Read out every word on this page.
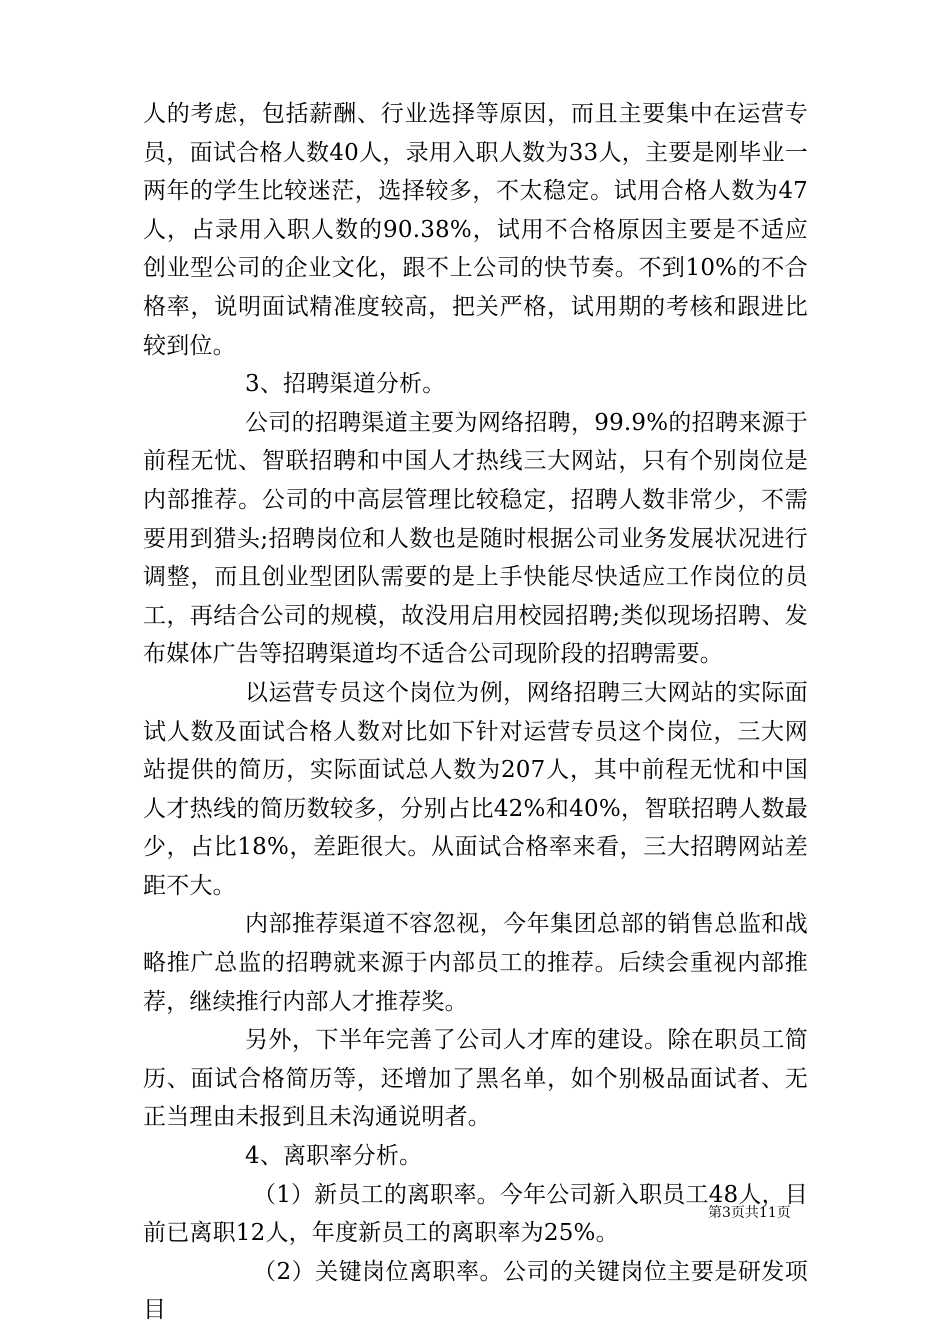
人的考虑，包括薪酬、行业选择等原因，而且主要集中在运营专员，面试合格人数40人，录用入职人数为33人，主要是刚毕业一两年的学生比较迷茫，选择较多，不太稳定。试用合格人数为47人，占录用入职人数的90.38%，试用不合格原因主要是不适应创业型公司的企业文化，跟不上公司的快节奏。不到10%的不合格率，说明面试精准度较高，把关严格，试用期的考核和跟进比较到位。

3、招聘渠道分析。

公司的招聘渠道主要为网络招聘，99.9%的招聘来源于前程无忧、智联招聘和中国人才热线三大网站，只有个别岗位是内部推荐。公司的中高层管理比较稳定，招聘人数非常少，不需要用到猎头;招聘岗位和人数也是随时根据公司业务发展状况进行调整，而且创业型团队需要的是上手快能尽快适应工作岗位的员工，再结合公司的规模，故没用启用校园招聘;类似现场招聘、发布媒体广告等招聘渠道均不适合公司现阶段的招聘需要。

以运营专员这个岗位为例，网络招聘三大网站的实际面试人数及面试合格人数对比如下针对运营专员这个岗位，三大网站提供的简历，实际面试总人数为207人，其中前程无忧和中国人才热线的简历数较多，分别占比42%和40%，智联招聘人数最少，占比18%，差距很大。从面试合格率来看，三大招聘网站差距不大。

内部推荐渠道不容忽视，今年集团总部的销售总监和战略推广总监的招聘就来源于内部员工的推荐。后续会重视内部推荐，继续推行内部人才推荐奖。

另外，下半年完善了公司人才库的建设。除在职员工简历、面试合格简历等，还增加了黑名单，如个别极品面试者、无正当理由未报到且未沟通说明者。

4、离职率分析。

（1）新员工的离职率。今年公司新入职员工48人，目前已离职12人，年度新员工的离职率为25%。

（2）关键岗位离职率。公司的关键岗位主要是研发项目

第3页共11页
